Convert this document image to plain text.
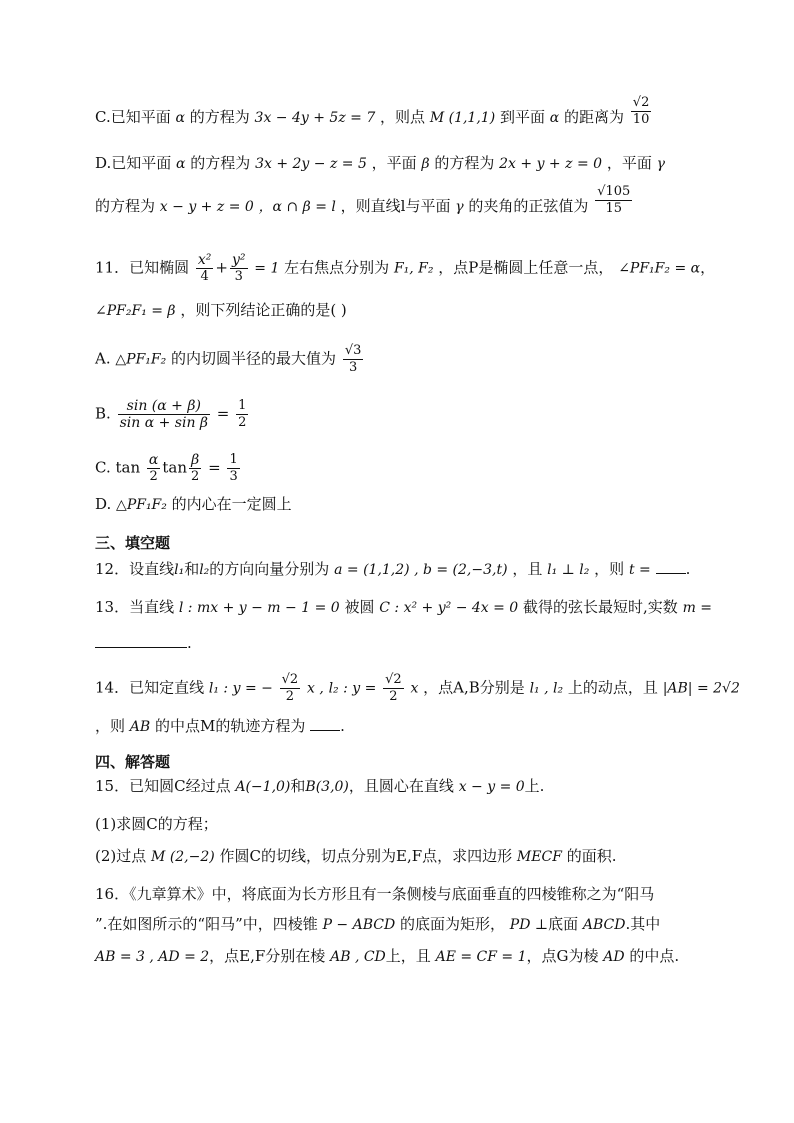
C.已知平面 α 的方程为 3x − 4y + 5z = 7 ，则点 M (1,1,1) 到平面 α 的距离为 $\frac{√2}{10}$
D.已知平面 α 的方程为 3x + 2y − z = 5 ，平面 β 的方程为 2x + y + z = 0 ，平面 γ
的方程为 x − y + z = 0 ，α ∩ β = l ，则直线l与平面 γ 的夹角的正弦值为 $\frac{√105}{15}$
11．已知椭圆 $\frac{\text{x²}}{4} + \frac{\text{y²}}{3} = 1$ 左右焦点分别为 F₁, F₂ ，点P是椭圆上任意一点， ∠PF₁F₂ = α，
∠PF₂F₁ = β ，则下列结论正确的是( )
A. △PF₁F₂ 的内切圆半径的最大值为 $\frac{√3}{3}$
B. $\frac{\sin (\alpha + \beta)}{\text{sin α + sin β}} = \frac{1}{2}$
C. $\tan \frac{\alpha}{2}$ $\tan \frac{\beta}{2} = \frac{1}{3}$
D. △PF₁F₂ 的内心在一定圆上
三、填空题
12．设直线l₁和l₂的方向向量分别为 a = (1,1,2) , b = (2,−3,t) ，且 l₁ ⊥ l₂ ，则 t = .
13．当直线 l : mx + y − m − 1 = 0 被圆 C : x² + y² − 4x = 0 截得的弦长最短时,实数 m =
.
14．已知定直线 l₁ : y = − $\frac{√2}{2}$ x , l₂ : $y = \frac{√2}{2}$ x ，点A,B分别是 l₁ , l₂ 上的动点，且 |AB| = 2√2
，则 AB 的中点M的轨迹方程为 .
四、解答题
15．已知圆C经过点 A(−1,0)和B(3,0)，且圆心在直线 x − y = 0上.
(1)求圆C的方程；
(2)过点 M (2,−2) 作圆C的切线，切点分别为E,F点，求四边形 MECF 的面积.
16．《九章算术》中，将底面为长方形且有一条侧棱与底面垂直的四棱锥称之为“阳马
”.在如图所示的“阳马”中，四棱锥 P − ABCD 的底面为矩形， PD ⊥底面 ABCD.其中
AB = 3 , AD = 2，点E,F分别在棱 AB , CD上，且 AE = CF = 1，点G为棱 AD 的中点.
